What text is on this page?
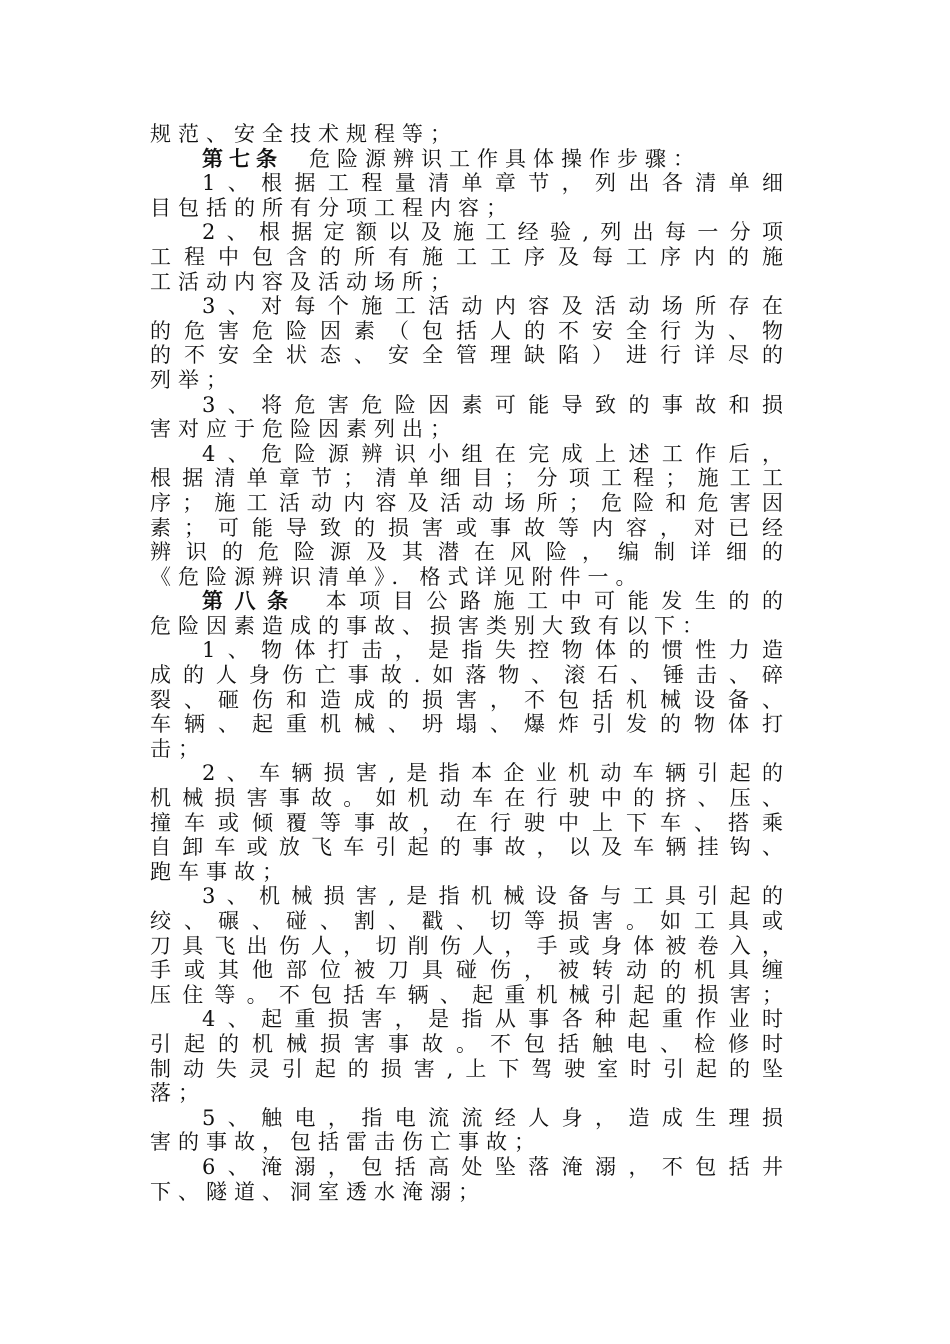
规范、安全技术规程等；
第七条 危险源辨识工作具体操作步骤：
1、根据工程量清单章节，列出各清单细
目包括的所有分项工程内容；
2、根据定额以及施工经验,列出每一分项
工程中包含的所有施工工序及每工序内的施
工活动内容及活动场所；
3、对每个施工活动内容及活动场所存在
的危害危险因素（包括人的不安全行为、物
的不安全状态、安全管理缺陷）进行详尽的
列举；
3、将危害危险因素可能导致的事故和损
害对应于危险因素列出；
4、危险源辨识小组在完成上述工作后，
根据清单章节；清单细目；分项工程；施工工
序；施工活动内容及活动场所；危险和危害因
素；可能导致的损害或事故等内容，对已经
辨识的危险源及其潜在风险，编制详细的
《危险源辨识清单》．格式详见附件一。
第八条 本项目公路施工中可能发生的的
危险因素造成的事故、损害类别大致有以下：
1、物体打击，是指失控物体的惯性力造
成的人身伤亡事故.如落物、滚石、锤击、碎
裂、砸伤和造成的损害，不包括机械设备、
车辆、起重机械、坍塌、爆炸引发的物体打
击；
2、车辆损害,是指本企业机动车辆引起的
机械损害事故。如机动车在行驶中的挤、压、
撞车或倾覆等事故，在行驶中上下车、搭乘
自卸车或放飞车引起的事故，以及车辆挂钩、
跑车事故；
3、机械损害,是指机械设备与工具引起的
绞、碾、碰、割、戳、切等损害。如工具或
刀具飞出伤人，切削伤人，手或身体被卷入，
手或其他部位被刀具碰伤，被转动的机具缠
压住等。不包括车辆、起重机械引起的损害；
4、起重损害，是指从事各种起重作业时
引起的机械损害事故。不包括触电、检修时
制动失灵引起的损害,上下驾驶室时引起的坠
落；
5、触电，指电流流经人身，造成生理损
害的事故，包括雷击伤亡事故；
6、淹溺，包括高处坠落淹溺，不包括井
下、隧道、洞室透水淹溺；
